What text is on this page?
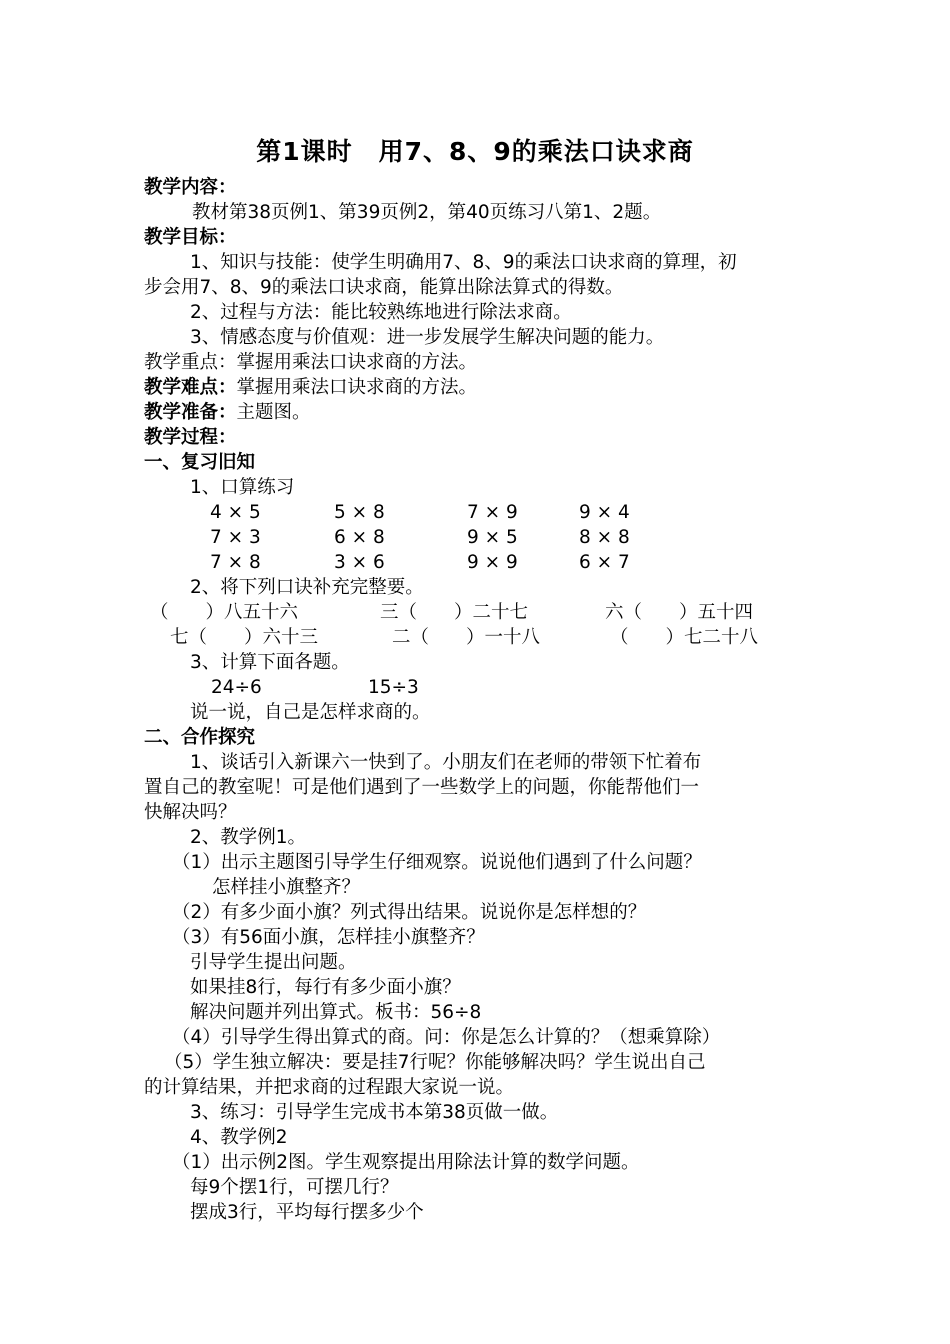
第1课时　用7、8、9的乘法口诀求商
教学内容：
教材第38页例1、第39页例2，第40页练习八第1、2题。
教学目标：
1、知识与技能：使学生明确用7、8、9的乘法口诀求商的算理，初
步会用7、8、9的乘法口诀求商，能算出除法算式的得数。
2、过程与方法：能比较熟练地进行除法求商。
3、情感态度与价值观：进一步发展学生解决问题的能力。
教学重点：掌握用乘法口诀求商的方法。
教学难点：掌握用乘法口诀求商的方法。
教学准备：主题图。
教学过程：
一、复习旧知
1、口算练习
4 × 5	5 × 8	7 × 9	9 × 4
7 × 3	6 × 8	9 × 5	8 × 8
7 × 8	3 × 6	9 × 9	6 × 7
2、将下列口诀补充完整要。
（　　）八五十六	三（　　）二十七	六（　　）五十四
七（　　）六十三	二（　　）一十八	（　　）七二十八
3、计算下面各题。
24÷6	15÷3
说一说，自己是怎样求商的。
二、合作探究
1、谈话引入新课六一快到了。小朋友们在老师的带领下忙着布
置自己的教室呢！可是他们遇到了一些数学上的问题，你能帮他们一
快解决吗？
2、教学例1。
（1）出示主题图引导学生仔细观察。说说他们遇到了什么问题？
怎样挂小旗整齐？
（2）有多少面小旗？列式得出结果。说说你是怎样想的？
（3）有56面小旗，怎样挂小旗整齐？
引导学生提出问题。
如果挂8行，每行有多少面小旗？
解决问题并列出算式。板书：56÷8
（4）引导学生得出算式的商。问：你是怎么计算的？（想乘算除）
（5）学生独立解决：要是挂7行呢？你能够解决吗？学生说出自己
的计算结果，并把求商的过程跟大家说一说。
3、练习：引导学生完成书本第38页做一做。
4、教学例2
（1）出示例2图。学生观察提出用除法计算的数学问题。
每9个摆1行，可摆几行？
摆成3行，平均每行摆多少个
